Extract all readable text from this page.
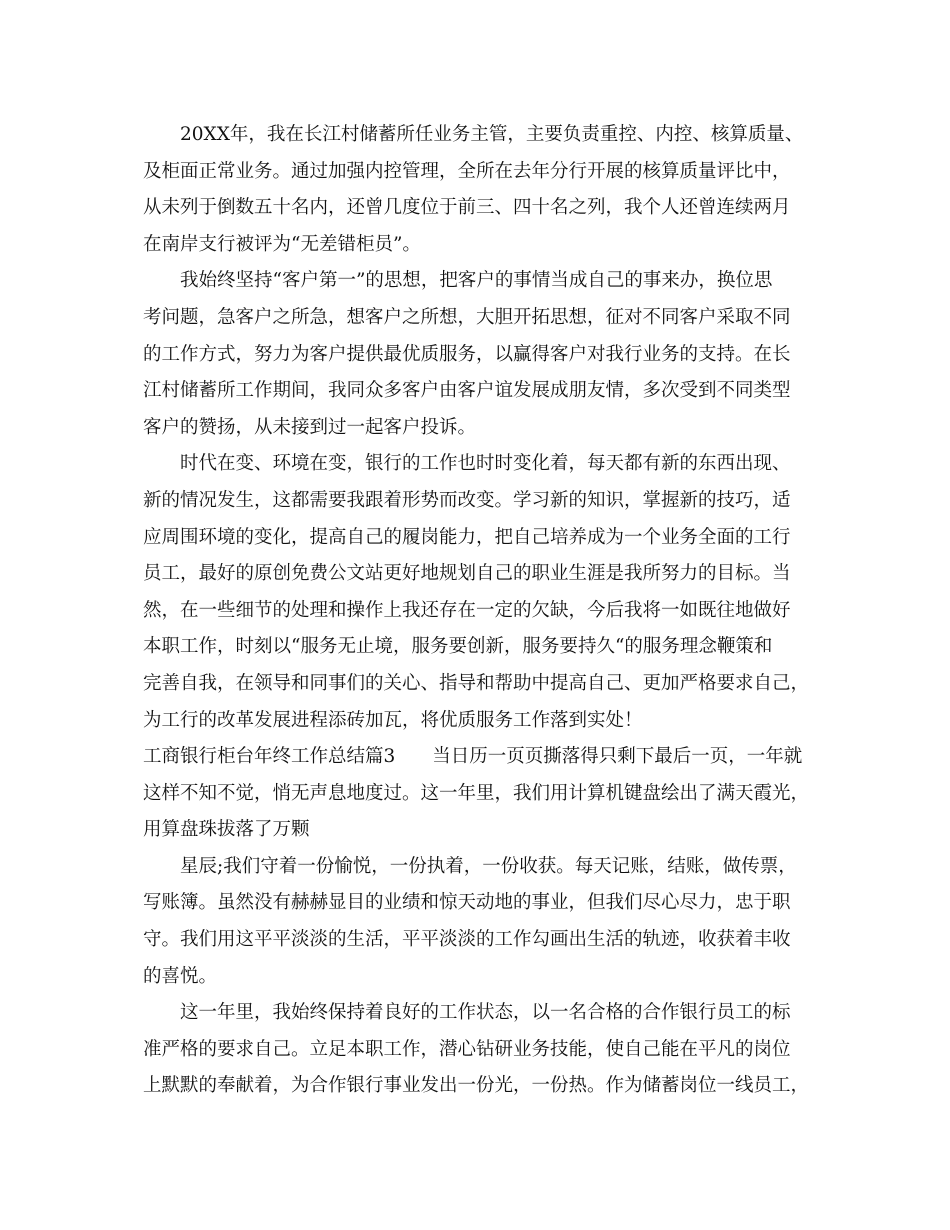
20XX年，我在长江村储蓄所任业务主管，主要负责重控、内控、核算质量、
及柜面正常业务。通过加强内控管理，全所在去年分行开展的核算质量评比中，
从未列于倒数五十名内，还曾几度位于前三、四十名之列，我个人还曾连续两月
在南岸支行被评为“无差错柜员”。
我始终坚持“客户第一”的思想，把客户的事情当成自己的事来办，换位思
考问题，急客户之所急，想客户之所想，大胆开拓思想，征对不同客户采取不同
的工作方式，努力为客户提供最优质服务，以赢得客户对我行业务的支持。在长
江村储蓄所工作期间，我同众多客户由客户谊发展成朋友情，多次受到不同类型
客户的赞扬，从未接到过一起客户投诉。
时代在变、环境在变，银行的工作也时时变化着，每天都有新的东西出现、
新的情况发生，这都需要我跟着形势而改变。学习新的知识，掌握新的技巧，适
应周围环境的变化，提高自己的履岗能力，把自己培养成为一个业务全面的工行
员工，最好的原创免费公文站更好地规划自己的职业生涯是我所努力的目标。当
然，在一些细节的处理和操作上我还存在一定的欠缺，今后我将一如既往地做好
本职工作，时刻以“服务无止境，服务要创新，服务要持久“的服务理念鞭策和
完善自我，在领导和同事们的关心、指导和帮助中提高自己、更加严格要求自己，
为工行的改革发展进程添砖加瓦，将优质服务工作落到实处！
工商银行柜台年终工作总结篇3 当日历一页页撕落得只剩下最后一页，一年就
这样不知不觉，悄无声息地度过。这一年里，我们用计算机键盘绘出了满天霞光，
用算盘珠拔落了万颗
星辰;我们守着一份愉悦，一份执着，一份收获。每天记账，结账，做传票，
写账簿。虽然没有赫赫显目的业绩和惊天动地的事业，但我们尽心尽力，忠于职
守。我们用这平平淡淡的生活，平平淡淡的工作勾画出生活的轨迹，收获着丰收
的喜悦。
这一年里，我始终保持着良好的工作状态，以一名合格的合作银行员工的标
准严格的要求自己。立足本职工作，潜心钻研业务技能，使自己能在平凡的岗位
上默默的奉献着，为合作银行事业发出一份光，一份热。作为储蓄岗位一线员工，
